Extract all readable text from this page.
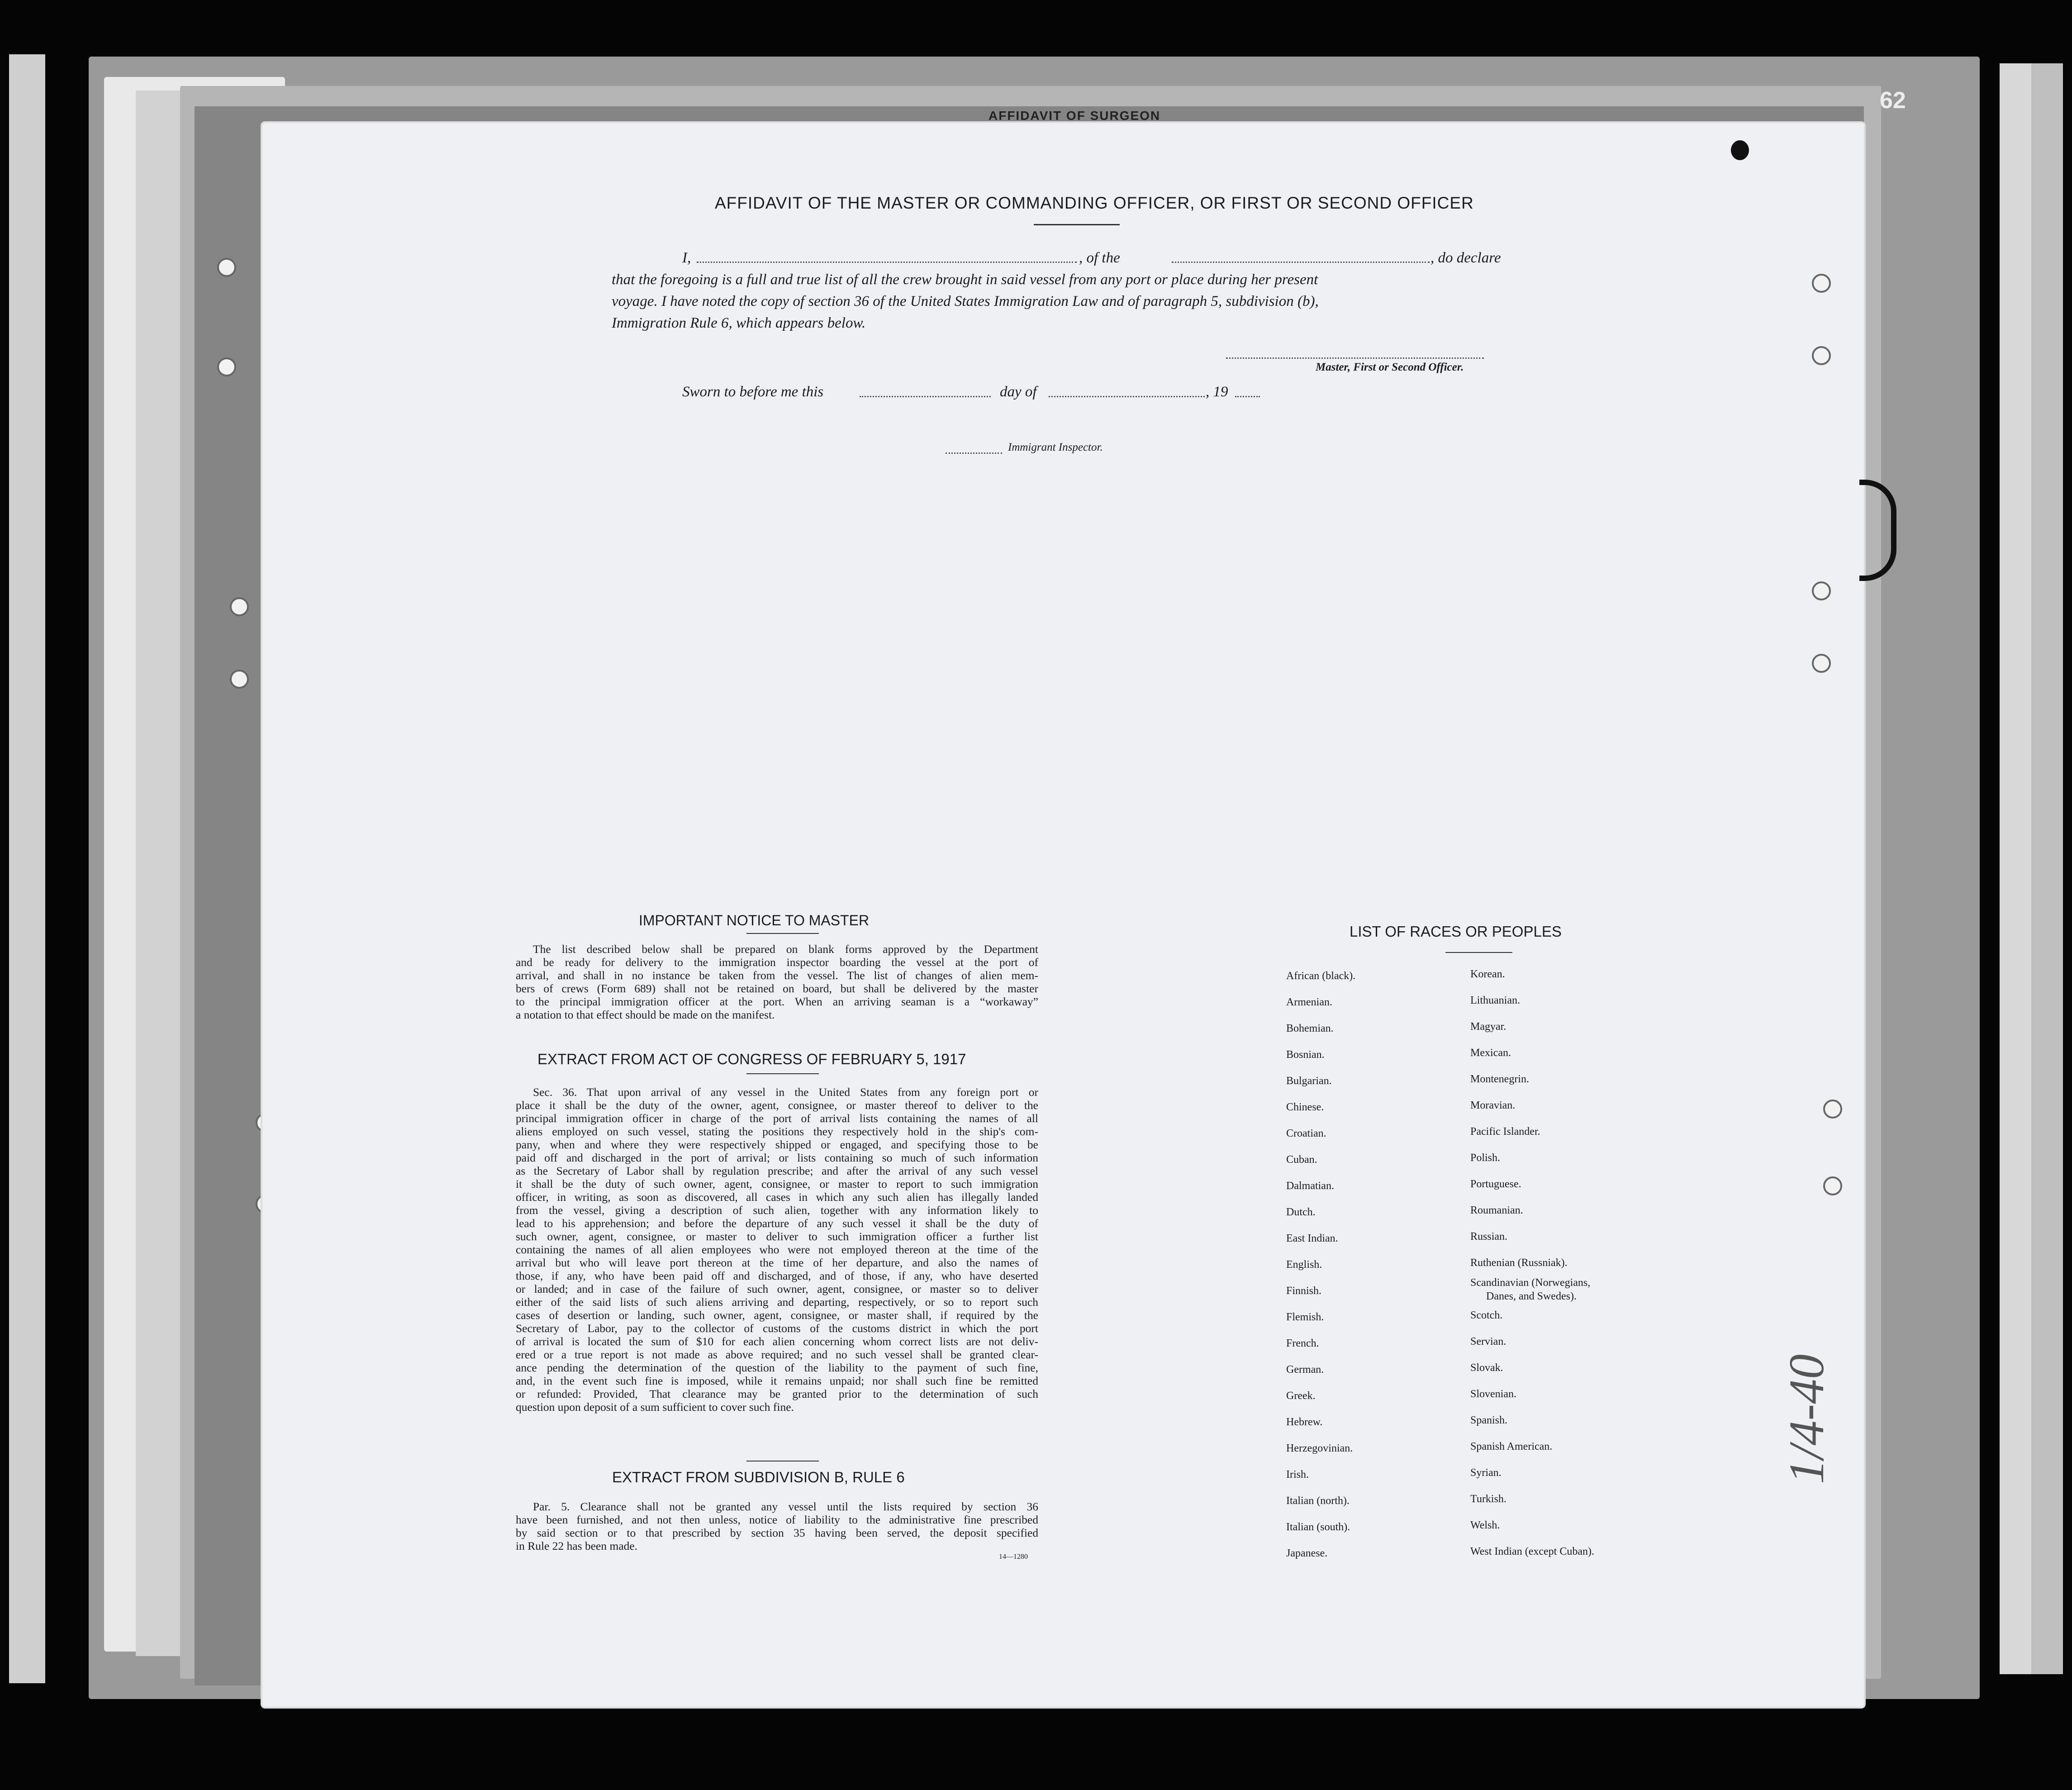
62
AFFIDAVIT OF SURGEON
AFFIDAVIT OF THE MASTER OR COMMANDING OFFICER, OR FIRST OR SECOND OFFICER
I,	, of the	, do declare
that the foregoing is a full and true list of all the crew brought in said vessel from any port or place during her present
voyage. I have noted the copy of section 36 of the United States Immigration Law and of paragraph 5, subdivision (b),
Immigration Rule 6, which appears below.
Master, First or Second Officer.
Sworn to before me this	day of	, 19
Immigrant Inspector.
IMPORTANT NOTICE TO MASTER
The list described below shall be prepared on blank forms approved by the Department
and be ready for delivery to the immigration inspector boarding the vessel at the port of
arrival, and shall in no instance be taken from the vessel. The list of changes of alien mem-
bers of crews (Form 689) shall not be retained on board, but shall be delivered by the master
to the principal immigration officer at the port. When an arriving seaman is a “workaway”
a notation to that effect should be made on the manifest.
EXTRACT FROM ACT OF CONGRESS OF FEBRUARY 5, 1917
Sec. 36. That upon arrival of any vessel in the United States from any foreign port or
place it shall be the duty of the owner, agent, consignee, or master thereof to deliver to the
principal immigration officer in charge of the port of arrival lists containing the names of all
aliens employed on such vessel, stating the positions they respectively hold in the ship's com-
pany, when and where they were respectively shipped or engaged, and specifying those to be
paid off and discharged in the port of arrival; or lists containing so much of such information
as the Secretary of Labor shall by regulation prescribe; and after the arrival of any such vessel
it shall be the duty of such owner, agent, consignee, or master to report to such immigration
officer, in writing, as soon as discovered, all cases in which any such alien has illegally landed
from the vessel, giving a description of such alien, together with any information likely to
lead to his apprehension; and before the departure of any such vessel it shall be the duty of
such owner, agent, consignee, or master to deliver to such immigration officer a further list
containing the names of all alien employees who were not employed thereon at the time of the
arrival but who will leave port thereon at the time of her departure, and also the names of
those, if any, who have been paid off and discharged, and of those, if any, who have deserted
or landed; and in case of the failure of such owner, agent, consignee, or master so to deliver
either of the said lists of such aliens arriving and departing, respectively, or so to report such
cases of desertion or landing, such owner, agent, consignee, or master shall, if required by the
Secretary of Labor, pay to the collector of customs of the customs district in which the port
of arrival is located the sum of $10 for each alien concerning whom correct lists are not deliv-
ered or a true report is not made as above required; and no such vessel shall be granted clear-
ance pending the determination of the question of the liability to the payment of such fine,
and, in the event such fine is imposed, while it remains unpaid; nor shall such fine be remitted
or refunded: Provided, That clearance may be granted prior to the determination of such
question upon deposit of a sum sufficient to cover such fine.
EXTRACT FROM SUBDIVISION B, RULE 6
Par. 5. Clearance shall not be granted any vessel until the lists required by section 36
have been furnished, and not then unless, notice of liability to the administrative fine prescribed
by said section or to that prescribed by section 35 having been served, the deposit specified
in Rule 22 has been made.
14—1280
LIST OF RACES OR PEOPLES
African (black).
Armenian.
Bohemian.
Bosnian.
Bulgarian.
Chinese.
Croatian.
Cuban.
Dalmatian.
Dutch.
East Indian.
English.
Finnish.
Flemish.
French.
German.
Greek.
Hebrew.
Herzegovinian.
Irish.
Italian (north).
Italian (south).
Japanese.
Korean.
Lithuanian.
Magyar.
Mexican.
Montenegrin.
Moravian.
Pacific Islander.
Polish.
Portuguese.
Roumanian.
Russian.
Ruthenian (Russniak).
Scandinavian (Norwegians,
Danes, and Swedes).
Scotch.
Servian.
Slovak.
Slovenian.
Spanish.
Spanish American.
Syrian.
Turkish.
Welsh.
West Indian (except Cuban).
1/4-40
